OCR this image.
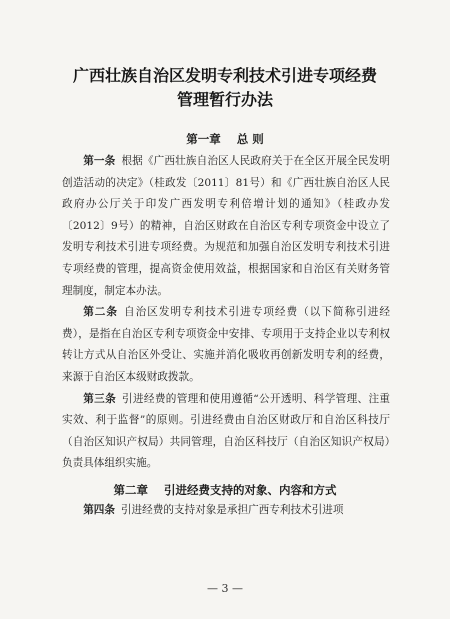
广西壮族自治区发明专利技术引进专项经费
管理暂行办法
第一章 总 则

第一条 根据《广西壮族自治区人民政府关于在全区开展全民发明创造活动的决定》（桂政发〔2011〕81号）和《广西壮族自治区人民政府办公厅关于印发广西发明专利倍增计划的通知》（桂政办发〔2012〕9号）的精神，自治区财政在自治区专利专项资金中设立了发明专利技术引进专项经费。为规范和加强自治区发明专利技术引进专项经费的管理，提高资金使用效益，根据国家和自治区有关财务管理制度，制定本办法。

第二条 自治区发明专利技术引进专项经费（以下简称引进经费），是指在自治区专利专项资金中安排、专项用于支持企业以专利权转让方式从自治区外受让、实施并消化吸收再创新发明专利的经费，来源于自治区本级财政拨款。

第三条 引进经费的管理和使用遵循“公开透明、科学管理、注重实效、利于监督”的原则。引进经费由自治区财政厅和自治区科技厅（自治区知识产权局）共同管理，自治区科技厅（自治区知识产权局）负责具体组织实施。

第二章 引进经费支持的对象、内容和方式

第四条 引进经费的支持对象是承担广西专利技术引进项

— 3 —
